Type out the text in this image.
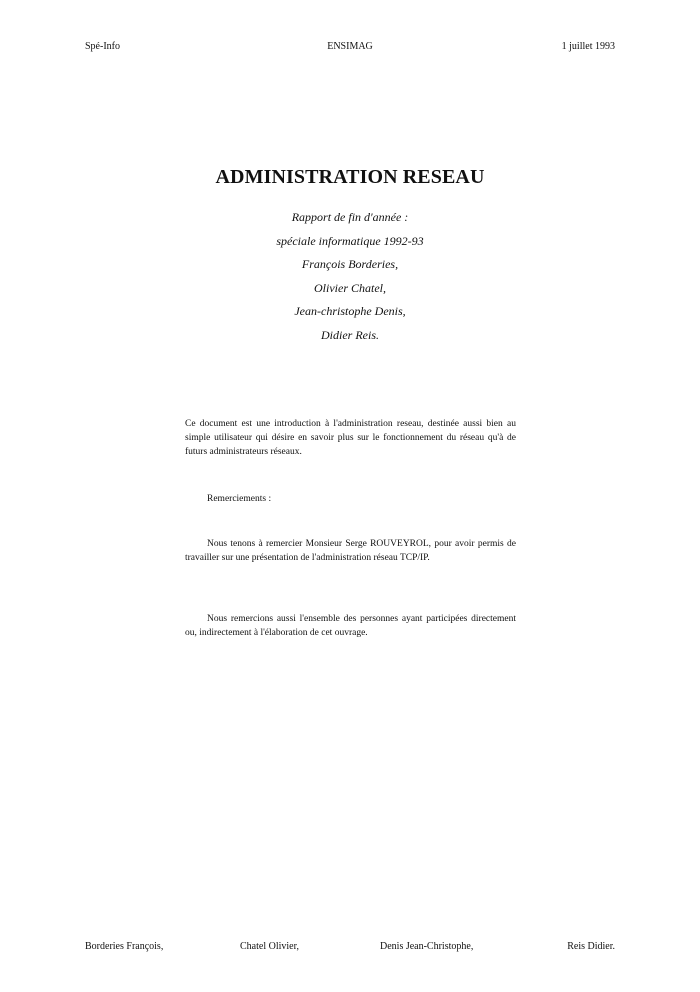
Spé-Info	ENSIMAG	1 juillet 1993
ADMINISTRATION RESEAU
Rapport de fin d'année :
spéciale informatique 1992-93
François Borderies,
Olivier Chatel,
Jean-christophe Denis,
Didier Reis.

Ce document est une introduction à l'administration reseau, destinée aussi bien au simple utilisateur qui désire en savoir plus sur le fonctionnement du réseau qu'à de futurs administrateurs réseaux.

Remerciements :

Nous tenons à remercier Monsieur Serge ROUVEYROL, pour avoir permis de travailler sur une présentation de l'administration réseau TCP/IP.

Nous remercions aussi l'ensemble des personnes ayant participées directement ou, indirectement à l'élaboration de cet ouvrage.

Borderies François,	Chatel Olivier,	Denis Jean-Christophe,	Reis Didier.
